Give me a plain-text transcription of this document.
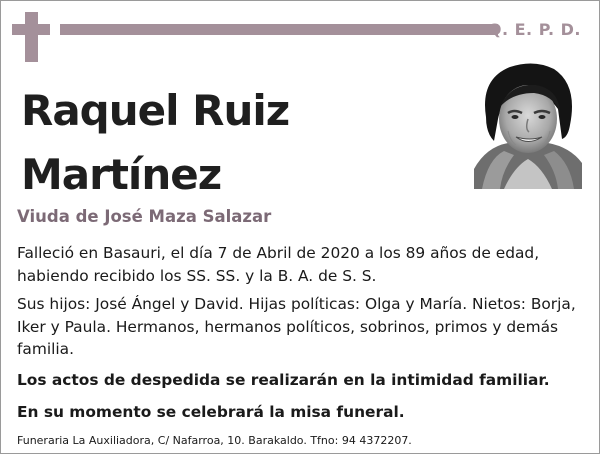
Q. E. P. D.
Raquel Ruiz
Martínez
Viuda de José Maza Salazar
Falleció en Basauri, el día 7 de Abril de 2020 a los 89 años de edad, habiendo recibido los SS. SS. y la B. A. de S. S.
Sus hijos: José Ángel y David. Hijas políticas: Olga y María. Nietos: Borja, Iker y Paula. Hermanos, hermanos políticos, sobrinos, primos y demás familia.
Los actos de despedida se realizarán en la intimidad familiar.
En su momento se celebrará la misa funeral.
Funeraria La Auxiliadora, C/ Nafarroa, 10. Barakaldo. Tfno: 94 4372207.
